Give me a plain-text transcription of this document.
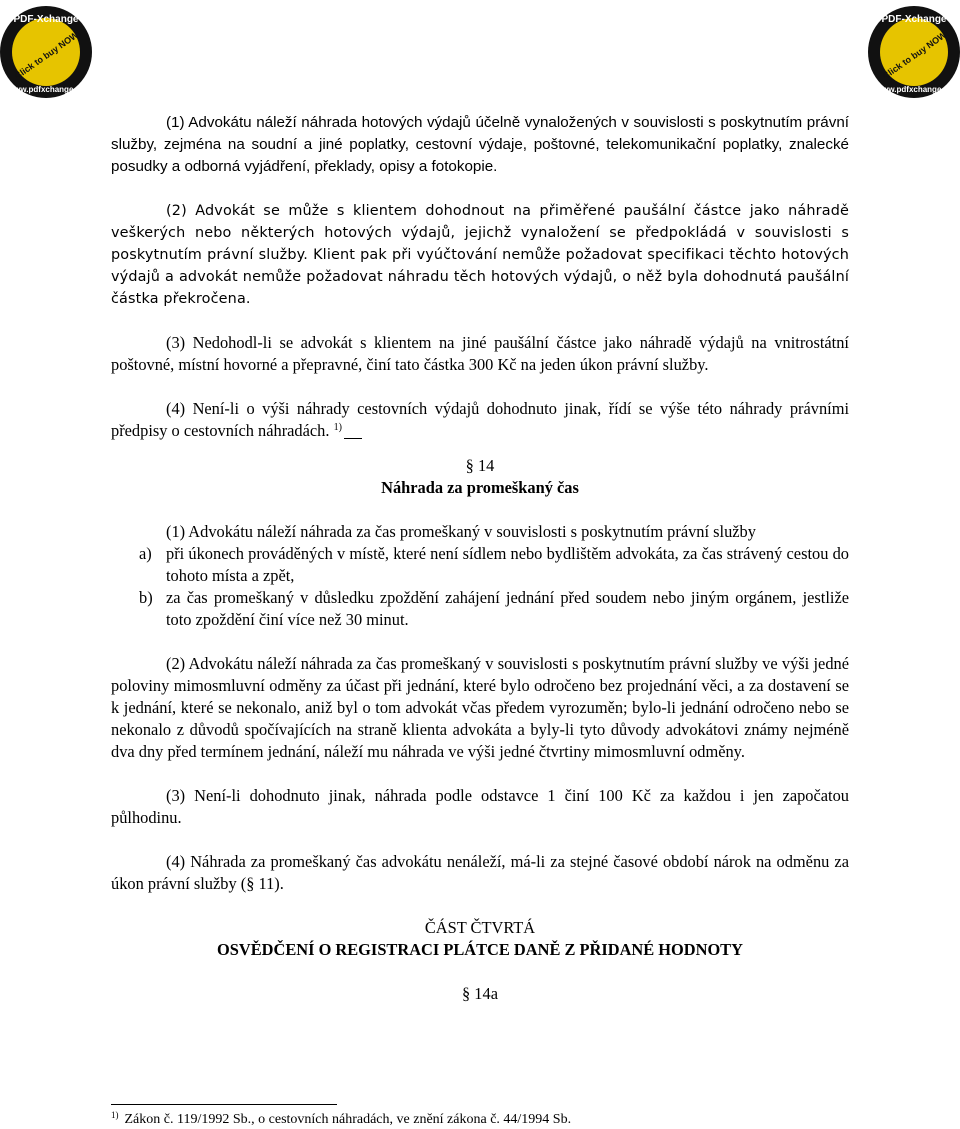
PDF-Xchange
Click to buy NOW!
www.pdfxchange.cz
PDF-Xchange
Click to buy NOW!
www.pdfxchange.cz

(1) Advokátu náleží náhrada hotových výdajů účelně vynaložených v souvislosti s poskytnutím právní služby, zejména na soudní a jiné poplatky, cestovní výdaje, poštovné, telekomunikační poplatky, znalecké posudky a odborná vyjádření, překlady, opisy a fotokopie.

(2) Advokát se může s klientem dohodnout na přiměřené paušální částce jako náhradě veškerých nebo některých hotových výdajů, jejichž vynaložení se předpokládá v souvislosti s poskytnutím právní služby. Klient pak při vyúčtování nemůže požadovat specifikaci těchto hotových výdajů a advokát nemůže požadovat náhradu těch hotových výdajů, o něž byla dohodnutá paušální částka překročena.

(3) Nedohodl-li se advokát s klientem na jiné paušální částce jako náhradě výdajů na vnitrostátní poštovné, místní hovorné a přepravné, činí tato částka 300 Kč na jeden úkon právní služby.

(4) Není-li o výši náhrady cestovních výdajů dohodnuto jinak, řídí se výše této náhrady právními předpisy o cestovních náhradách. $^{1)}$

§ 14

Náhrada za promeškaný čas

(1) Advokátu náleží náhrada za čas promeškaný v souvislosti s poskytnutím právní služby

a) při úkonech prováděných v místě, které není sídlem nebo bydlištěm advokáta, za čas strávený cestou do tohoto místa a zpět,
b) za čas promeškaný v důsledku zpoždění zahájení jednání před soudem nebo jiným orgánem, jestliže toto zpoždění činí více než 30 minut.

(2) Advokátu náleží náhrada za čas promeškaný v souvislosti s poskytnutím právní služby ve výši jedné poloviny mimosmluvní odměny za účast při jednání, které bylo odročeno bez projednání věci, a za dostavení se k jednání, které se nekonalo, aniž byl o tom advokát včas předem vyrozuměn; bylo-li jednání odročeno nebo se nekonalo z důvodů spočívajících na straně klienta advokáta a byly-li tyto důvody advokátovi známy nejméně dva dny před termínem jednání, náleží mu náhrada ve výši jedné čtvrtiny mimosmluvní odměny.

(3) Není-li dohodnuto jinak, náhrada podle odstavce 1 činí 100 Kč za každou i jen započatou půlhodinu.

(4) Náhrada za promeškaný čas advokátu nenáleží, má-li za stejné časové období nárok na odměnu za úkon právní služby (§ 11).

ČÁST ČTVRTÁ

OSVĚDČENÍ O REGISTRACI PLÁTCE DANĚ Z PŘIDANÉ HODNOTY

§ 14a

$^{1)}$ Zákon č. 119/1992 Sb., o cestovních náhradách, ve znění zákona č. 44/1994 Sb.
